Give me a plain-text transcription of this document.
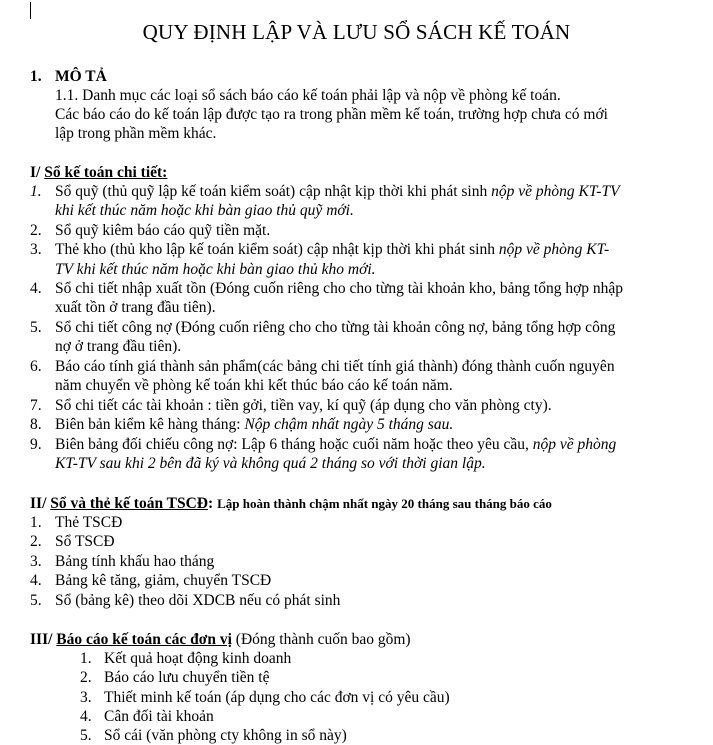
QUY ĐỊNH LẬP VÀ LƯU SỔ SÁCH KẾ TOÁN
1. MÔ TẢ
1.1. Danh mục các loại sổ sách báo cáo kế toán phải lập và nộp về phòng kế toán.
Các báo cáo do kế toán lập được tạo ra trong phần mềm kế toán, trường hợp chưa có mới
lập trong phần mềm khác.
I/ Sổ kế toán chi tiết:
1. Sổ quỹ (thủ quỹ lập kế toán kiểm soát) cập nhật kịp thời khi phát sinh nộp về phòng KT-TV
khi kết thúc năm hoặc khi bàn giao thủ quỹ mới.
2. Sổ quỹ kiêm báo cáo quỹ tiền mặt.
3. Thẻ kho (thủ kho lập kế toán kiểm soát) cập nhật kịp thời khi phát sinh nộp về phòng KT-
TV khi kết thúc năm hoặc khi bàn giao thủ kho mới.
4. Sổ chi tiết nhập xuất tồn (Đóng cuốn riêng cho cho từng tài khoản kho, bảng tổng hợp nhập
xuất tồn ở trang đầu tiên).
5. Sổ chi tiết công nợ (Đóng cuốn riêng cho cho từng tài khoản công nợ, bảng tổng hợp công
nợ ở trang đầu tiên).
6. Báo cáo tính giá thành sản phẩm(các bảng chi tiết tính giá thành) đóng thành cuốn nguyên
năm chuyển về phòng kế toán khi kết thúc báo cáo kế toán năm.
7. Sổ chi tiết các tài khoản : tiền gởi, tiền vay, kí quỹ (áp dụng cho văn phòng cty).
8. Biên bản kiểm kê hàng tháng: Nộp chậm nhất ngày 5 tháng sau.
9. Biên bảng đối chiếu công nợ: Lập 6 tháng hoặc cuối năm hoặc theo yêu cầu, nộp về phòng
KT-TV sau khi 2 bên đã ký và không quá 2 tháng so với thời gian lập.
II/ Sổ và thẻ kế toán TSCĐ: Lập hoàn thành chậm nhất ngày 20 tháng sau tháng báo cáo
1. Thẻ TSCĐ
2. Sổ TSCĐ
3. Bảng tính khấu hao tháng
4. Bảng kê tăng, giảm, chuyển TSCĐ
5. Sổ (bảng kê) theo dõi XDCB nếu có phát sinh
III/ Báo cáo kế toán các đơn vị (Đóng thành cuốn bao gồm)
1. Kết quả hoạt động kinh doanh
2. Báo cáo lưu chuyển tiền tệ
3. Thiết minh kế toán (áp dụng cho các đơn vị có yêu cầu)
4. Cân đối tài khoản
5. Sổ cái (văn phòng cty không in sổ này)
